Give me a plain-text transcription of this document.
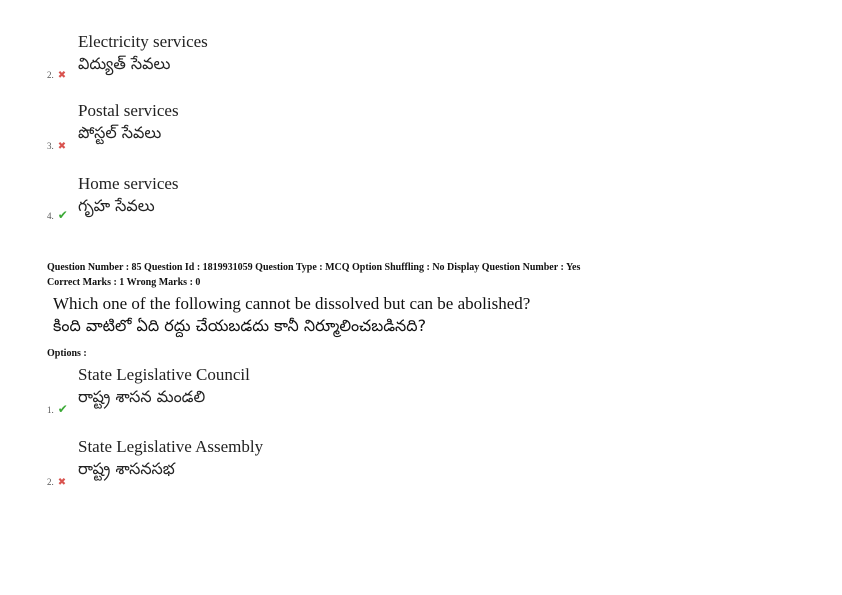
Electricity services
విద్యుత్ సేవలు
2. ✖
Postal services
పోస్టల్ సేవలు
3. ✖
Home services
గృహ సేవలు
4. ✔
Question Number : 85 Question Id : 1819931059 Question Type : MCQ Option Shuffling : No Display Question Number : Yes
Correct Marks : 1 Wrong Marks : 0
Which one of the following cannot be dissolved but can be abolished?
కింది వాటిలో ఏది రద్దు చేయబడదు కానీ నిర్మూలించబడినది?
Options :
State Legislative Council
రాష్ట్ర శాసన మండలి
1. ✔
State Legislative Assembly
రాష్ట్ర శాసనసభ
2. ✖
